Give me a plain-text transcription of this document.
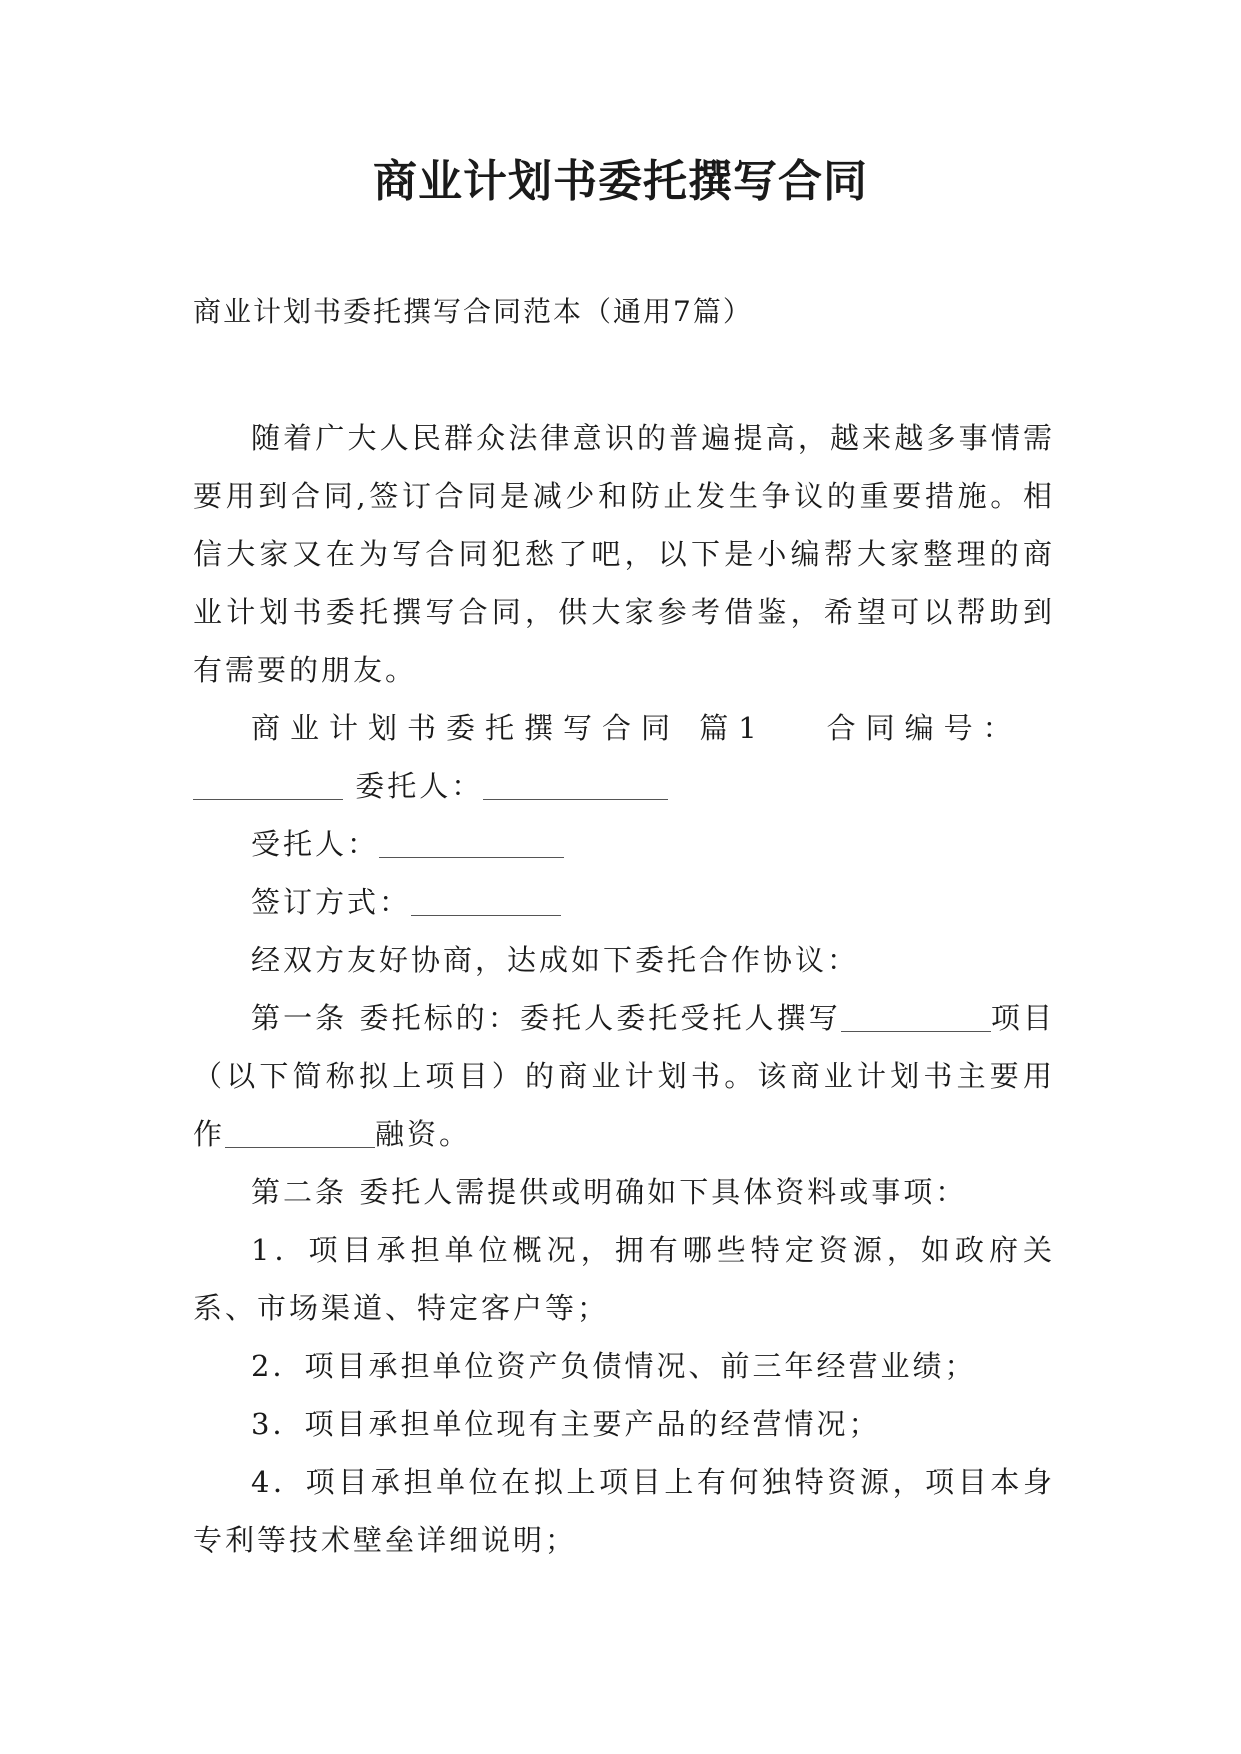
商业计划书委托撰写合同
商业计划书委托撰写合同范本（通用7篇）

随着广大人民群众法律意识的普遍提高，越来越多事情需要用到合同,签订合同是减少和防止发生争议的重要措施。相信大家又在为写合同犯愁了吧，以下是小编帮大家整理的商业计划书委托撰写合同，供大家参考借鉴，希望可以帮助到有需要的朋友。

商业计划书委托撰写合同 篇1 合同编号：

委托人：

受托人：

签订方式：

经双方友好协商，达成如下委托合作协议：

第一条 委托标的：委托人委托受托人撰写	项目（以下简称拟上项目）的商业计划书。该商业计划书主要用作	融资。

第二条 委托人需提供或明确如下具体资料或事项：

1．项目承担单位概况，拥有哪些特定资源，如政府关系、市场渠道、特定客户等；

2．项目承担单位资产负债情况、前三年经营业绩；

3．项目承担单位现有主要产品的经营情况；

4．项目承担单位在拟上项目上有何独特资源，项目本身专利等技术壁垒详细说明；
